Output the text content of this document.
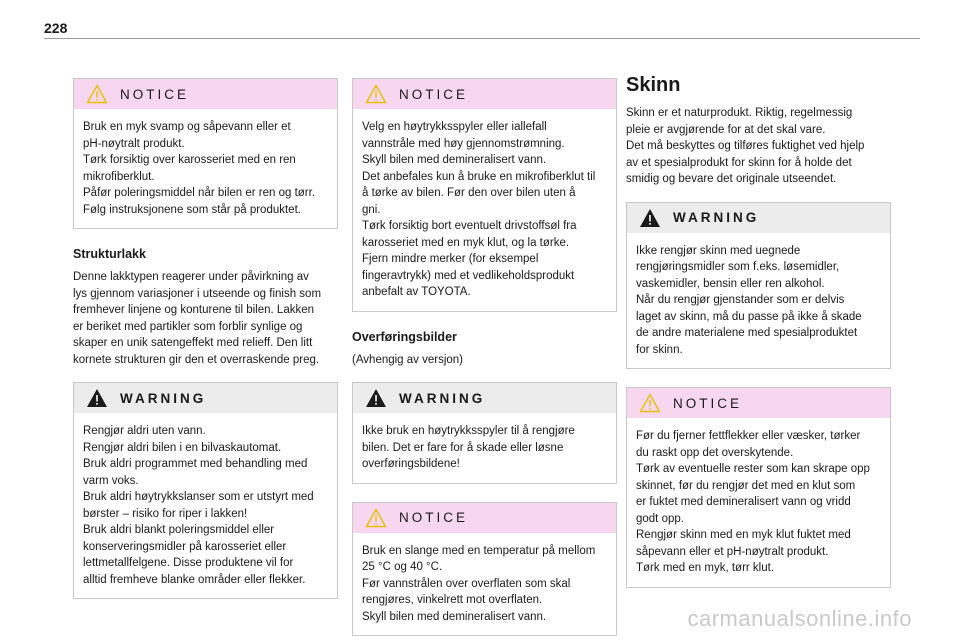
228
NOTICE

Bruk en myk svamp og såpevann eller et

pH-nøytralt produkt.

Tørk forsiktig over karosseriet med en ren

mikrofiberklut.

Påfør poleringsmiddel når bilen er ren og tørr.

Følg instruksjonene som står på produktet.

Strukturlakk

Denne lakktypen reagerer under påvirkning av

lys gjennom variasjoner i utseende og finish som

fremhever linjene og konturene til bilen. Lakken

er beriket med partikler som forblir synlige og

skaper en unik satengeffekt med relieff. Den litt

kornete strukturen gir den et overraskende preg.

WARNING

Rengjør aldri uten vann.

Rengjør aldri bilen i en bilvaskautomat.

Bruk aldri programmet med behandling med

varm voks.

Bruk aldri høytrykkslanser som er utstyrt med

børster – risiko for riper i lakken!

Bruk aldri blankt poleringsmiddel eller

konserveringsmidler på karosseriet eller

lettmetallfelgene. Disse produktene vil for

alltid fremheve blanke områder eller flekker.

NOTICE

Velg en høytrykksspyler eller iallefall

vannstråle med høy gjennomstrømning.

Skyll bilen med demineralisert vann.

Det anbefales kun å bruke en mikrofiberklut til

å tørke av bilen. Før den over bilen uten å

gni.

Tørk forsiktig bort eventuelt drivstoffsøl fra

karosseriet med en myk klut, og la tørke.

Fjern mindre merker (for eksempel

fingeravtrykk) med et vedlikeholdsprodukt

anbefalt av TOYOTA.

Overføringsbilder
(Avhengig av versjon)
WARNING

Ikke bruk en høytrykksspyler til å rengjøre

bilen. Det er fare for å skade eller løsne

overføringsbildene!

NOTICE

Bruk en slange med en temperatur på mellom

25 °C og 40 °C.

Før vannstrålen over overflaten som skal

rengjøres, vinkelrett mot overflaten.

Skyll bilen med demineralisert vann.

Skinn

Skinn er et naturprodukt. Riktig, regelmessig

pleie er avgjørende for at det skal vare.

Det må beskyttes og tilføres fuktighet ved hjelp

av et spesialprodukt for skinn for å holde det

smidig og bevare det originale utseendet.

WARNING

Ikke rengjør skinn med uegnede

rengjøringsmidler som f.eks. løsemidler,

vaskemidler, bensin eller ren alkohol.

Når du rengjør gjenstander som er delvis

laget av skinn, må du passe på ikke å skade

de andre materialene med spesialproduktet

for skinn.

NOTICE

Før du fjerner fettflekker eller væsker, tørker

du raskt opp det overskytende.

Tørk av eventuelle rester som kan skrape opp

skinnet, før du rengjør det med en klut som

er fuktet med demineralisert vann og vridd

godt opp.

Rengjør skinn med en myk klut fuktet med

såpevann eller et pH-nøytralt produkt.

Tørk med en myk, tørr klut.

carmanualsonline.info
